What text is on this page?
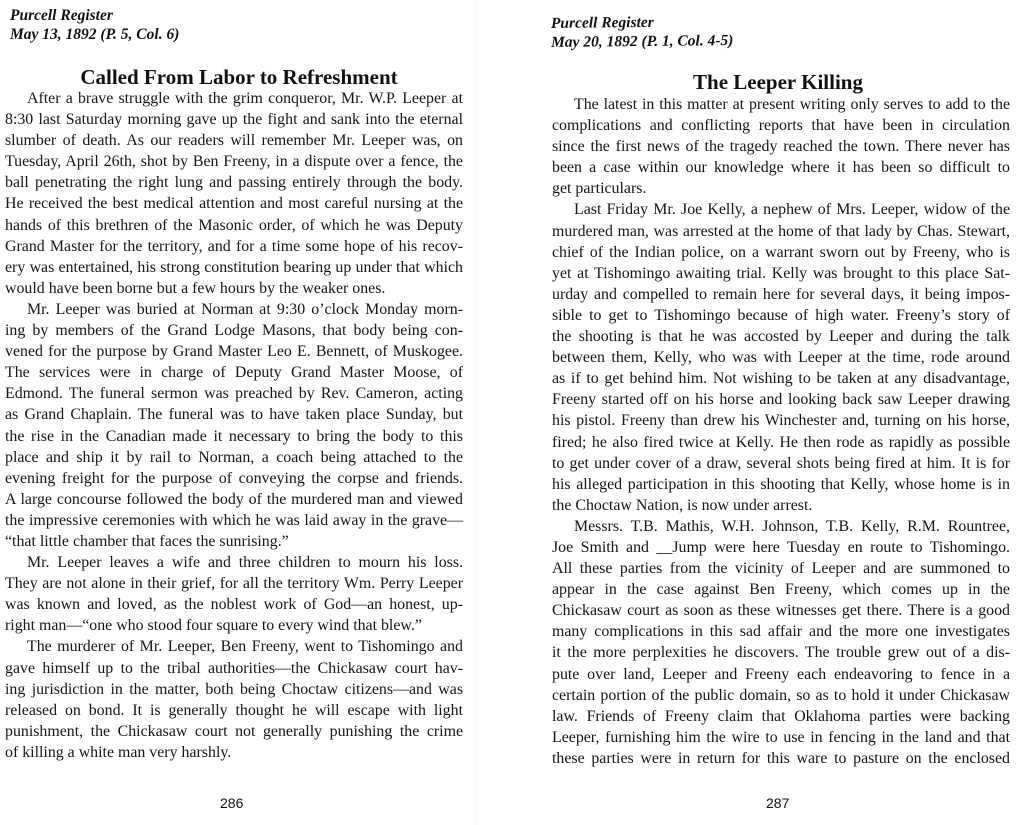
Purcell Register
May 13, 1892 (P. 5, Col. 6)
Called From Labor to Refreshment
After a brave struggle with the grim conqueror, Mr. W.P. Leeper at
8:30 last Saturday morning gave up the fight and sank into the eternal
slumber of death. As our readers will remember Mr. Leeper was, on
Tuesday, April 26th, shot by Ben Freeny, in a dispute over a fence, the
ball penetrating the right lung and passing entirely through the body.
He received the best medical attention and most careful nursing at the
hands of this brethren of the Masonic order, of which he was Deputy
Grand Master for the territory, and for a time some hope of his recov-
ery was entertained, his strong constitution bearing up under that which
would have been borne but a few hours by the weaker ones.
Mr. Leeper was buried at Norman at 9:30 o’clock Monday morn-
ing by members of the Grand Lodge Masons, that body being con-
vened for the purpose by Grand Master Leo E. Bennett, of Muskogee.
The services were in charge of Deputy Grand Master Moose, of
Edmond. The funeral sermon was preached by Rev. Cameron, acting
as Grand Chaplain. The funeral was to have taken place Sunday, but
the rise in the Canadian made it necessary to bring the body to this
place and ship it by rail to Norman, a coach being attached to the
evening freight for the purpose of conveying the corpse and friends.
A large concourse followed the body of the murdered man and viewed
the impressive ceremonies with which he was laid away in the grave—
“that little chamber that faces the sunrising.”
Mr. Leeper leaves a wife and three children to mourn his loss.
They are not alone in their grief, for all the territory Wm. Perry Leeper
was known and loved, as the noblest work of God—an honest, up-
right man—“one who stood four square to every wind that blew.”
The murderer of Mr. Leeper, Ben Freeny, went to Tishomingo and
gave himself up to the tribal authorities—the Chickasaw court hav-
ing jurisdiction in the matter, both being Choctaw citizens—and was
released on bond. It is generally thought he will escape with light
punishment, the Chickasaw court not generally punishing the crime
of killing a white man very harshly.
286
Purcell Register
May 20, 1892 (P. 1, Col. 4-5)
The Leeper Killing
The latest in this matter at present writing only serves to add to the
complications and conflicting reports that have been in circulation
since the first news of the tragedy reached the town. There never has
been a case within our knowledge where it has been so difficult to
get particulars.
Last Friday Mr. Joe Kelly, a nephew of Mrs. Leeper, widow of the
murdered man, was arrested at the home of that lady by Chas. Stewart,
chief of the Indian police, on a warrant sworn out by Freeny, who is
yet at Tishomingo awaiting trial. Kelly was brought to this place Sat-
urday and compelled to remain here for several days, it being impos-
sible to get to Tishomingo because of high water. Freeny’s story of
the shooting is that he was accosted by Leeper and during the talk
between them, Kelly, who was with Leeper at the time, rode around
as if to get behind him. Not wishing to be taken at any disadvantage,
Freeny started off on his horse and looking back saw Leeper drawing
his pistol. Freeny than drew his Winchester and, turning on his horse,
fired; he also fired twice at Kelly. He then rode as rapidly as possible
to get under cover of a draw, several shots being fired at him. It is for
his alleged participation in this shooting that Kelly, whose home is in
the Choctaw Nation, is now under arrest.
Messrs. T.B. Mathis, W.H. Johnson, T.B. Kelly, R.M. Rountree,
Joe Smith and __Jump were here Tuesday en route to Tishomingo.
All these parties from the vicinity of Leeper and are summoned to
appear in the case against Ben Freeny, which comes up in the
Chickasaw court as soon as these witnesses get there. There is a good
many complications in this sad affair and the more one investigates
it the more perplexities he discovers. The trouble grew out of a dis-
pute over land, Leeper and Freeny each endeavoring to fence in a
certain portion of the public domain, so as to hold it under Chickasaw
law. Friends of Freeny claim that Oklahoma parties were backing
Leeper, furnishing him the wire to use in fencing in the land and that
these parties were in return for this ware to pasture on the enclosed
287
